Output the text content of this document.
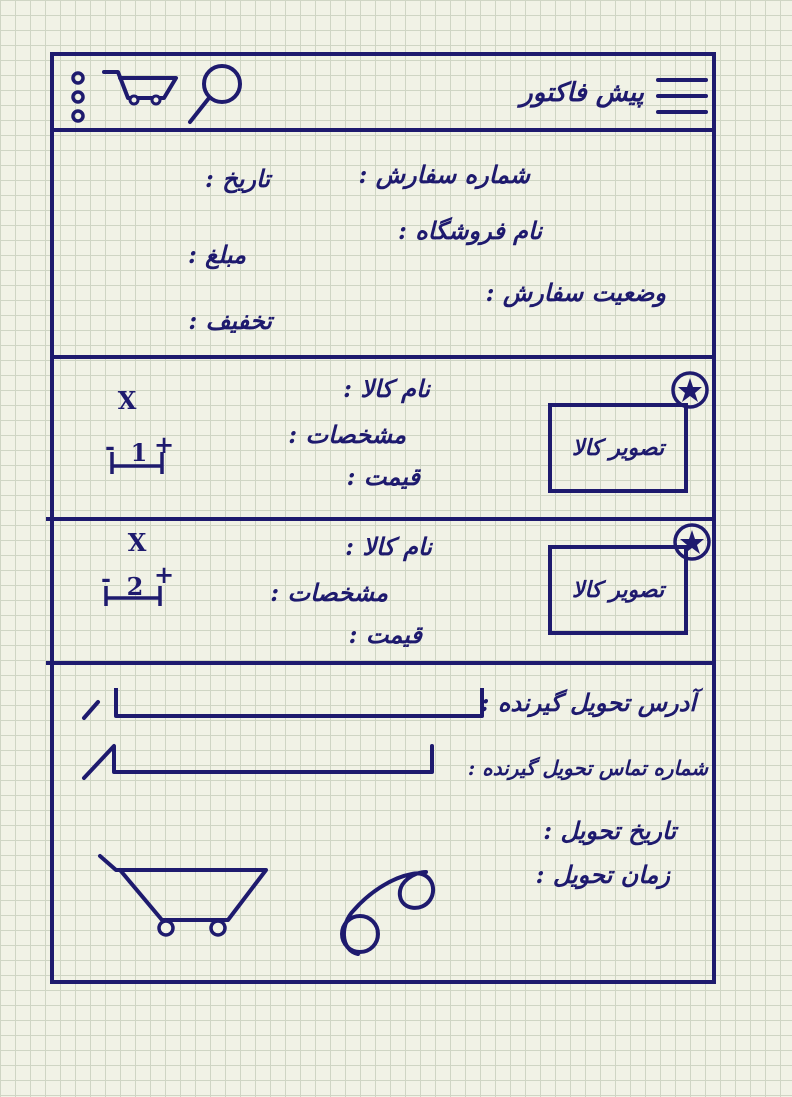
پیش فاکتور
شماره سفارش :
نام فروشگاه :
وضعیت سفارش :
تاریخ :
مبلغ :
تخفیف :
تصویر کالا
نام کالا :
مشخصات :
قیمت :
X
- 1 +
تصویر کالا
نام کالا :
مشخصات :
قیمت :
X
- 2 +
آدرس تحویل گیرنده :
شماره تماس تحویل گیرنده :
تاریخ تحویل :
زمان تحویل :
